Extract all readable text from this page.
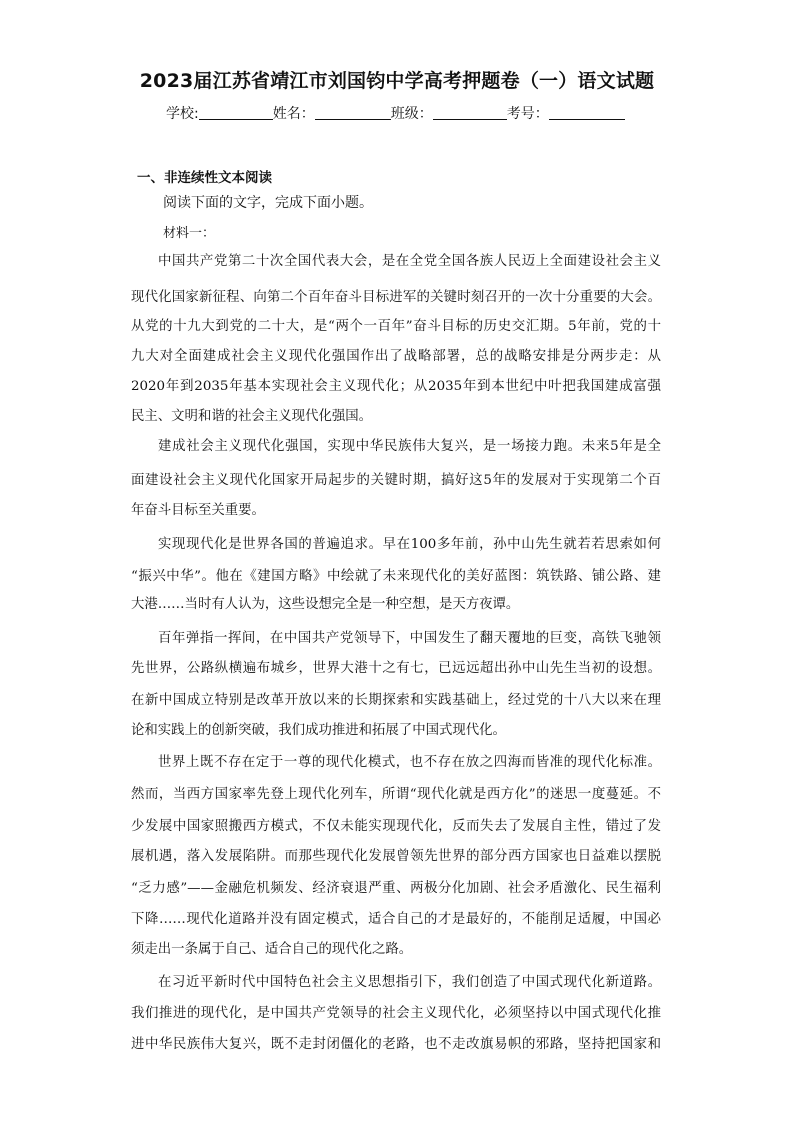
2023届江苏省靖江市刘国钧中学高考押题卷（一）语文试题
学校:	姓名：	班级：	考号：
一、非连续性文本阅读
阅读下面的文字，完成下面小题。
材料一：
中国共产党第二十次全国代表大会，是在全党全国各族人民迈上全面建设社会主义
现代化国家新征程、向第二个百年奋斗目标进军的关键时刻召开的一次十分重要的大会。
从党的十九大到党的二十大，是“两个一百年”奋斗目标的历史交汇期。5年前，党的十
九大对全面建成社会主义现代化强国作出了战略部署，总的战略安排是分两步走：从
2020年到2035年基本实现社会主义现代化；从2035年到本世纪中叶把我国建成富强
民主、文明和谐的社会主义现代化强国。
建成社会主义现代化强国，实现中华民族伟大复兴，是一场接力跑。未来5年是全
面建设社会主义现代化国家开局起步的关键时期，搞好这5年的发展对于实现第二个百
年奋斗目标至关重要。
实现现代化是世界各国的普遍追求。早在100多年前，孙中山先生就若若思索如何
“振兴中华”。他在《建国方略》中绘就了未来现代化的美好蓝图：筑铁路、铺公路、建
大港……当时有人认为，这些设想完全是一种空想，是天方夜谭。
百年弹指一挥间，在中国共产党领导下，中国发生了翻天覆地的巨变，高铁飞驰领
先世界，公路纵横遍布城乡，世界大港十之有七，已远远超出孙中山先生当初的设想。
在新中国成立特别是改革开放以来的长期探索和实践基础上，经过党的十八大以来在理
论和实践上的创新突破，我们成功推进和拓展了中国式现代化。
世界上既不存在定于一尊的现代化模式，也不存在放之四海而皆准的现代化标准。
然而，当西方国家率先登上现代化列车，所谓“现代化就是西方化”的迷思一度蔓延。不
少发展中国家照搬西方模式，不仅未能实现现代化，反而失去了发展自主性，错过了发
展机遇，落入发展陷阱。而那些现代化发展曾领先世界的部分西方国家也日益难以摆脱
“乏力感”——金融危机频发、经济衰退严重、两极分化加剧、社会矛盾激化、民生福利
下降……现代化道路并没有固定模式，适合自己的才是最好的，不能削足适履，中国必
须走出一条属于自己、适合自己的现代化之路。
在习近平新时代中国特色社会主义思想指引下，我们创造了中国式现代化新道路。
我们推进的现代化，是中国共产党领导的社会主义现代化，必须坚持以中国式现代化推
进中华民族伟大复兴，既不走封闭僵化的老路，也不走改旗易帜的邪路，坚持把国家和
